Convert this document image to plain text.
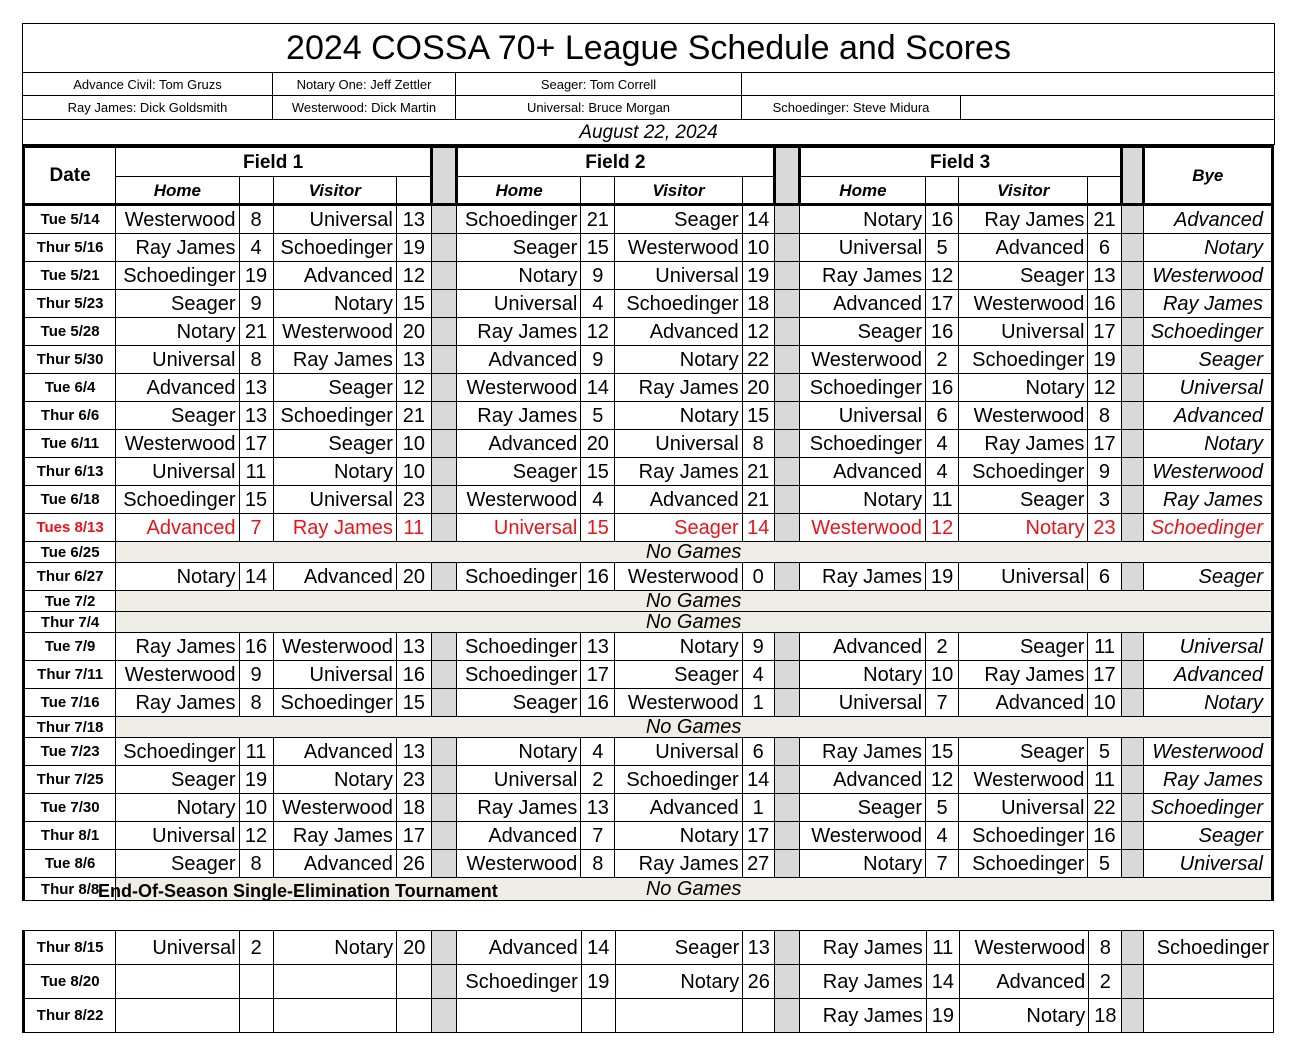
2024 COSSA 70+ League Schedule and Scores				
Advance Civil: Tom Gruzs	Notary One: Jeff Zettler	Seager: Tom Correll		
Ray James: Dick Goldsmith	Westerwood: Dick Martin	Universal: Bruce Morgan	Schoedinger: Steve Midura	
August 22, 2024				
Date	Field 1					Field 2					Field 3					Bye
	Home		Visitor			Home		Visitor			Home		Visitor			
Tue 5/14	Westerwood	8	Universal	13		Schoedinger	21	Seager	14		Notary	16	Ray James	21		Advanced
Thur 5/16	Ray James	4	Schoedinger	19		Seager	15	Westerwood	10		Universal	5	Advanced	6		Notary
Tue 5/21	Schoedinger	19	Advanced	12		Notary	9	Universal	19		Ray James	12	Seager	13		Westerwood
Thur 5/23	Seager	9	Notary	15		Universal	4	Schoedinger	18		Advanced	17	Westerwood	16		Ray James
Tue 5/28	Notary	21	Westerwood	20		Ray James	12	Advanced	12		Seager	16	Universal	17		Schoedinger
Thur 5/30	Universal	8	Ray James	13		Advanced	9	Notary	22		Westerwood	2	Schoedinger	19		Seager
Tue 6/4	Advanced	13	Seager	12		Westerwood	14	Ray James	20		Schoedinger	16	Notary	12		Universal
Thur 6/6	Seager	13	Schoedinger	21		Ray James	5	Notary	15		Universal	6	Westerwood	8		Advanced
Tue 6/11	Westerwood	17	Seager	10		Advanced	20	Universal	8		Schoedinger	4	Ray James	17		Notary
Thur 6/13	Universal	11	Notary	10		Seager	15	Ray James	21		Advanced	4	Schoedinger	9		Westerwood
Tue 6/18	Schoedinger	15	Universal	23		Westerwood	4	Advanced	21		Notary	11	Seager	3		Ray James
Tues 8/13	Advanced	7	Ray James	11		Universal	15	Seager	14		Westerwood	12	Notary	23		Schoedinger
Tue 6/25	No Games															
Thur 6/27	Notary	14	Advanced	20		Schoedinger	16	Westerwood	0		Ray James	19	Universal	6		Seager
Tue 7/2	No Games															
Thur 7/4	No Games															
Tue 7/9	Ray James	16	Westerwood	13		Schoedinger	13	Notary	9		Advanced	2	Seager	11		Universal
Thur 7/11	Westerwood	9	Universal	16		Schoedinger	17	Seager	4		Notary	10	Ray James	17		Advanced
Tue 7/16	Ray James	8	Schoedinger	15		Seager	16	Westerwood	1		Universal	7	Advanced	10		Notary
Thur 7/18	No Games															
Tue 7/23	Schoedinger	11	Advanced	13		Notary	4	Universal	6		Ray James	15	Seager	5		Westerwood
Thur 7/25	Seager	19	Notary	23		Universal	2	Schoedinger	14		Advanced	12	Westerwood	11		Ray James
Tue 7/30	Notary	10	Westerwood	18		Ray James	13	Advanced	1		Seager	5	Universal	22		Schoedinger
Thur 8/1	Universal	12	Ray James	17		Advanced	7	Notary	17		Westerwood	4	Schoedinger	16		Seager
Tue 8/6	Seager	8	Advanced	26		Westerwood	8	Ray James	27		Notary	7	Schoedinger	5		Universal
Thur 8/8	No Games															
End-Of-Season Single-Elimination Tournament
Thur 8/15	Universal	2	Notary	20		Advanced	14	Seager	13		Ray James	11	Westerwood	8		Schoedinger
Tue 8/20						Schoedinger	19	Notary	26		Ray James	14	Advanced	2		
Thur 8/22											Ray James	19	Notary	18		
